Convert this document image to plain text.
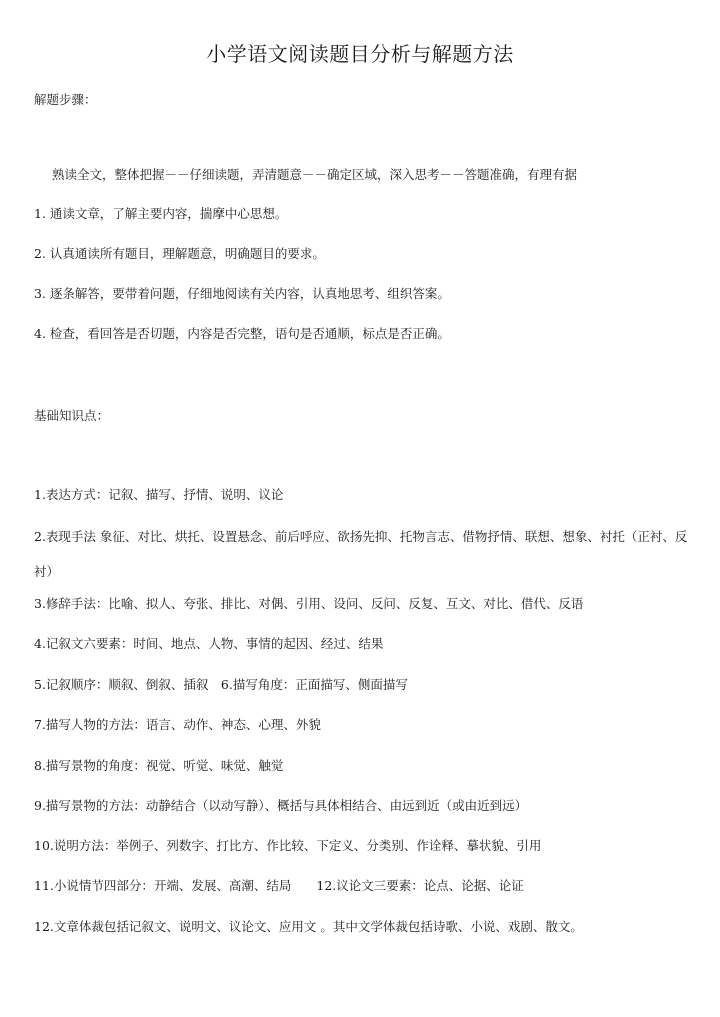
小学语文阅读题目分析与解题方法
解题步骤：
熟读全文，整体把握－－仔细读题，弄清题意－－确定区域，深入思考－－答题准确，有理有据
1. 通读文章，了解主要内容，揣摩中心思想。
2. 认真通读所有题目，理解题意，明确题目的要求。
3. 逐条解答，要带着问题，仔细地阅读有关内容，认真地思考、组织答案。
4. 检查，看回答是否切题，内容是否完整，语句是否通顺，标点是否正确。
基础知识点：
1.表达方式：记叙、描写、抒情、说明、议论
2.表现手法 象征、对比、烘托、设置悬念、前后呼应、欲扬先抑、托物言志、借物抒情、联想、想象、衬托（正衬、反衬）
3.修辞手法：比喻、拟人、夸张、排比、对偶、引用、设问、反问、反复、互文、对比、借代、反语
4.记叙文六要素：时间、地点、人物、事情的起因、经过、结果
5.记叙顺序：顺叙、倒叙、插叙　6.描写角度：正面描写、侧面描写
7.描写人物的方法：语言、动作、神态、心理、外貌
8.描写景物的角度：视觉、听觉、味觉、触觉
9.描写景物的方法：动静结合（以动写静）、概括与具体相结合、由远到近（或由近到远）
10.说明方法：举例子、列数字、打比方、作比较、下定义、分类别、作诠释、摹状貌、引用
11.小说情节四部分：开端、发展、高潮、结局　　12.议论文三要素：论点、论据、论证
12.文章体裁包括记叙文、说明文、议论文、应用文 。其中文学体裁包括诗歌、小说、戏剧、散文。
